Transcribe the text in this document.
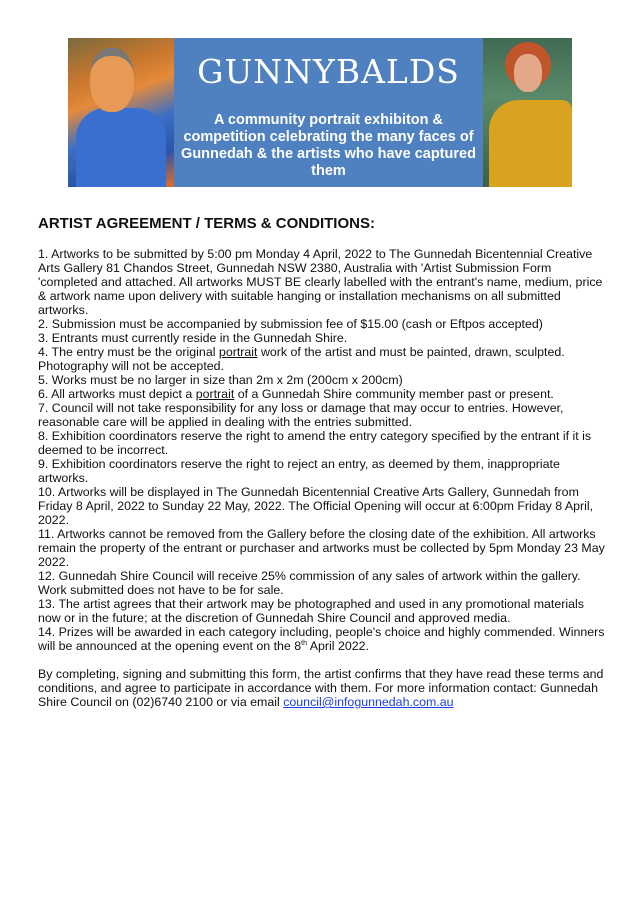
GUNNYBALDS
A community portrait exhibiton & competition celebrating the many faces of Gunnedah & the artists who have captured them
ARTIST AGREEMENT / TERMS & CONDITIONS:

1. Artworks to be submitted by 5:00 pm Monday 4 April, 2022 to The Gunnedah Bicentennial Creative Arts Gallery 81 Chandos Street, Gunnedah NSW 2380, Australia with 'Artist Submission Form 'completed and attached. All artworks MUST BE clearly labelled with the entrant's name, medium, price & artwork name upon delivery with suitable hanging or installation mechanisms on all submitted artworks.

2. Submission must be accompanied by submission fee of $15.00 (cash or Eftpos accepted)

3. Entrants must currently reside in the Gunnedah Shire.

4. The entry must be the original portrait work of the artist and must be painted, drawn, sculpted. Photography will not be accepted.

5. Works must be no larger in size than 2m x 2m (200cm x 200cm)

6. All artworks must depict a portrait of a Gunnedah Shire community member past or present.

7. Council will not take responsibility for any loss or damage that may occur to entries. However, reasonable care will be applied in dealing with the entries submitted.

8. Exhibition coordinators reserve the right to amend the entry category specified by the entrant if it is deemed to be incorrect.

9. Exhibition coordinators reserve the right to reject an entry, as deemed by them, inappropriate artworks.

10. Artworks will be displayed in The Gunnedah Bicentennial Creative Arts Gallery, Gunnedah from Friday 8 April, 2022 to Sunday 22 May, 2022. The Official Opening will occur at 6:00pm Friday 8 April, 2022.

11. Artworks cannot be removed from the Gallery before the closing date of the exhibition. All artworks remain the property of the entrant or purchaser and artworks must be collected by 5pm Monday 23 May 2022.

12. Gunnedah Shire Council will receive 25% commission of any sales of artwork within the gallery. Work submitted does not have to be for sale.

13. The artist agrees that their artwork may be photographed and used in any promotional materials now or in the future; at the discretion of Gunnedah Shire Council and approved media.

14. Prizes will be awarded in each category including, people's choice and highly commended. Winners will be announced at the opening event on the 8th April 2022.

By completing, signing and submitting this form, the artist confirms that they have read these terms and conditions, and agree to participate in accordance with them. For more information contact: Gunnedah Shire Council on (02)6740 2100 or via email council@infogunnedah.com.au
